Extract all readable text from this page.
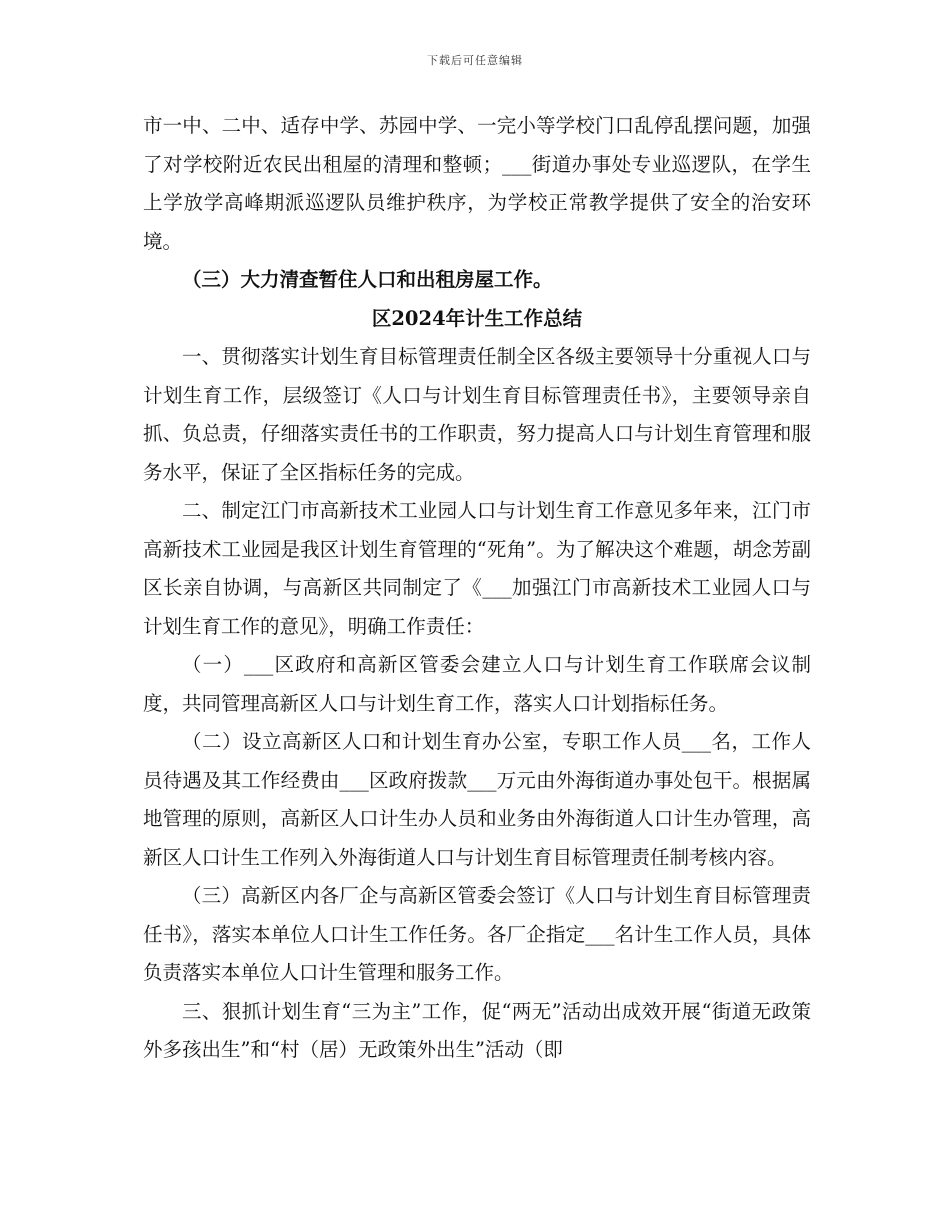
下载后可任意编辑

市一中、二中、适存中学、苏园中学、一完小等学校门口乱停乱摆问题，加强了对学校附近农民出租屋的清理和整顿；___街道办事处专业巡逻队，在学生上学放学高峰期派巡逻队员维护秩序，为学校正常教学提供了安全的治安环境。

（三）大力清查暂住人口和出租房屋工作。

区2024年计生工作总结

一、贯彻落实计划生育目标管理责任制全区各级主要领导十分重视人口与计划生育工作，层级签订《人口与计划生育目标管理责任书》，主要领导亲自抓、负总责，仔细落实责任书的工作职责，努力提高人口与计划生育管理和服务水平，保证了全区指标任务的完成。

二、制定江门市高新技术工业园人口与计划生育工作意见多年来，江门市高新技术工业园是我区计划生育管理的“死角”。为了解决这个难题，胡念芳副区长亲自协调，与高新区共同制定了《___加强江门市高新技术工业园人口与计划生育工作的意见》，明确工作责任：

（一）___区政府和高新区管委会建立人口与计划生育工作联席会议制度，共同管理高新区人口与计划生育工作，落实人口计划指标任务。

（二）设立高新区人口和计划生育办公室，专职工作人员___名，工作人员待遇及其工作经费由___区政府拨款___万元由外海街道办事处包干。根据属地管理的原则，高新区人口计生办人员和业务由外海街道人口计生办管理，高新区人口计生工作列入外海街道人口与计划生育目标管理责任制考核内容。

（三）高新区内各厂企与高新区管委会签订《人口与计划生育目标管理责任书》，落实本单位人口计生工作任务。各厂企指定___名计生工作人员，具体负责落实本单位人口计生管理和服务工作。

三、狠抓计划生育“三为主”工作，促“两无”活动出成效开展“街道无政策外多孩出生”和“村（居）无政策外出生”活动（即
